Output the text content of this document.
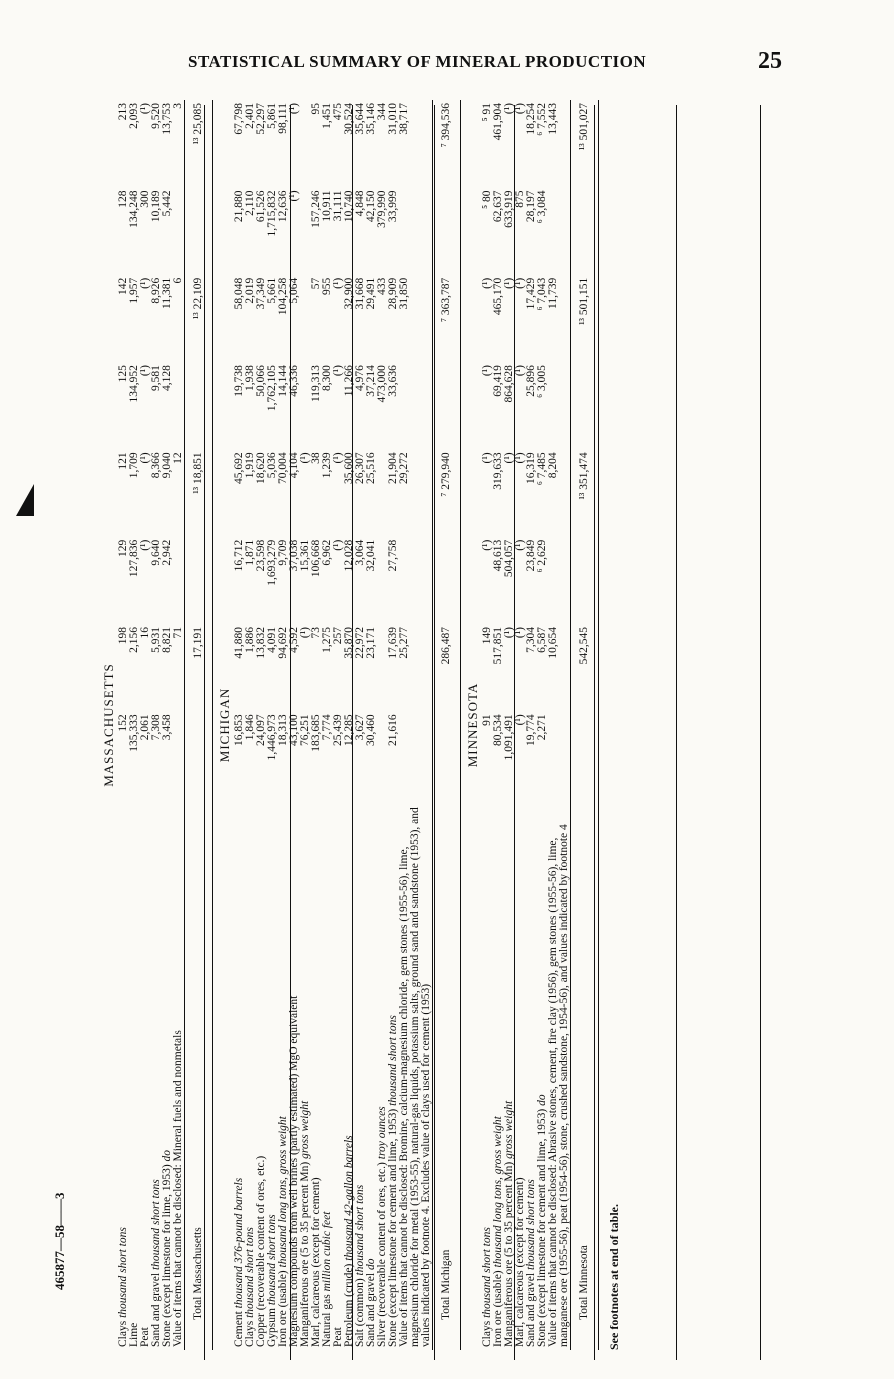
STATISTICAL SUMMARY OF MINERAL PRODUCTION	25
MASSACHUSETTS								
Clays thousand short tons	152	198	129	121	125	142	128	213
Lime	135,333	2,156	127,836	1,709	134,952	1,957	134,248	2,093
Peat	2,061	16	(¹)	(¹)	(¹)	(¹)	300	(¹)
Sand and gravel thousand short tons	7,308	5,931	9,640	8,366	9,581	8,926	10,189	9,520
Stone (except limestone for lime, 1953) do	3,458	8,821	2,942	9,040	4,128	11,381	5,442	13,753
Value of items that cannot be disclosed: Mineral fuels and nonmetals		71		12		6		3
Total Massachusetts		17,191		¹³ 18,851		¹³ 22,109		¹³ 25,085
MICHIGAN								
Cement thousand 376-pound barrels	16,853	41,880	16,712	45,692	19,738	58,048	21,880	67,798
Clays thousand short tons	1,846	1,886	1,871	1,919	1,938	2,019	2,110	2,401
Copper (recoverable content of ores, etc.)	24,097	13,832	23,598	18,620	50,066	37,349	61,526	52,297
Gypsum thousand short tons	1,446,973	4,091	1,693,279	5,036	1,762,105	5,661	1,715,832	5,861
Iron ore (usable) thousand long tons, gross weight	18,313	94,692	9,709	70,004	14,144	104,258	12,636	98,111
Magnesium compounds from well brines (partly estimated) MgO equivalent	43,100	4,592	37,038	4,104	46,336	5,064	(¹)	(¹)
Manganiferous ore (5 to 35 percent Mn) gross weight	76,251	(¹)	15,361	(¹)				
Marl, calcareous (except for cement)	183,685	73	106,668	38	119,313	57	157,246	95
Natural gas million cubic feet	7,774	1,275	6,962	1,239	8,300	955	10,911	1,451
Peat	25,439	257	(¹)	(¹)	(¹)	(¹)	31,111	475
Petroleum (crude) thousand 42-gallon barrels	12,285	35,870	12,028	35,600	11,266	32,900	10,740	30,524
Salt (common) thousand short tons	3,627	22,972	3,064	26,307	4,976	31,668	4,848	35,644
Sand and gravel do	30,460	23,171	32,041	25,516	37,214	29,491	42,150	35,146
Silver (recoverable content of ores, etc.) troy ounces					473,000	433	379,990	344
Stone (except limestone for cement and lime, 1953) thousand short tons	21,616	17,639	27,758	21,904	33,636	28,909	33,999	31,010
Value of items that cannot be disclosed: Bromine, calcium-magnesium chloride, gem stones (1955-56), lime, magnesium chloride for metal (1953-55), natural-gas liquids, potassium salts, ground sand and sandstone (1953), and values indicated by footnote 4. Excludes value of clays used for cement (1953)		25,277		29,272		31,850		38,717
Total Michigan		286,487		⁷ 279,940		⁷ 363,787		⁷ 394,536
MINNESOTA								
Clays thousand short tons	91	149	(¹)	(¹)	(¹)	(¹)	⁵ 80	⁵ 91
Iron ore (usable) thousand long tons, gross weight	80,534	517,851	48,613	319,633	69,419	465,170	62,637	461,904
Manganiferous ore (5 to 35 percent Mn) gross weight	1,091,491	(¹)	504,057	(¹)	864,628	(¹)	633,919	(¹)
Marl, calcareous (except for cement)	(¹)	(¹)	(¹)	(¹)	(¹)	(¹)	875	(¹)
Sand and gravel thousand short tons	19,774	7,304	23,849	16,319	25,896	17,429	28,197	18,254
Stone (except limestone for cement and lime, 1953) do	2,271	6,587	⁶ 2,629	⁶ 7,485	⁶ 3,005	⁶ 7,043	⁶ 3,084	⁶ 7,552
Value of items that cannot be disclosed: Abrasive stones, cement, fire clay (1956), gem stones (1955-56), lime, manganese ore (1955-56), peat (1954-56), stone, crushed sandstone, 1954-56), and values indicated by footnote 4		10,654		8,204		11,739		13,443
Total Minnesota		542,545		¹³ 351,474		¹³ 501,151		¹³ 501,027
See footnotes at end of table.
465877—58——3
